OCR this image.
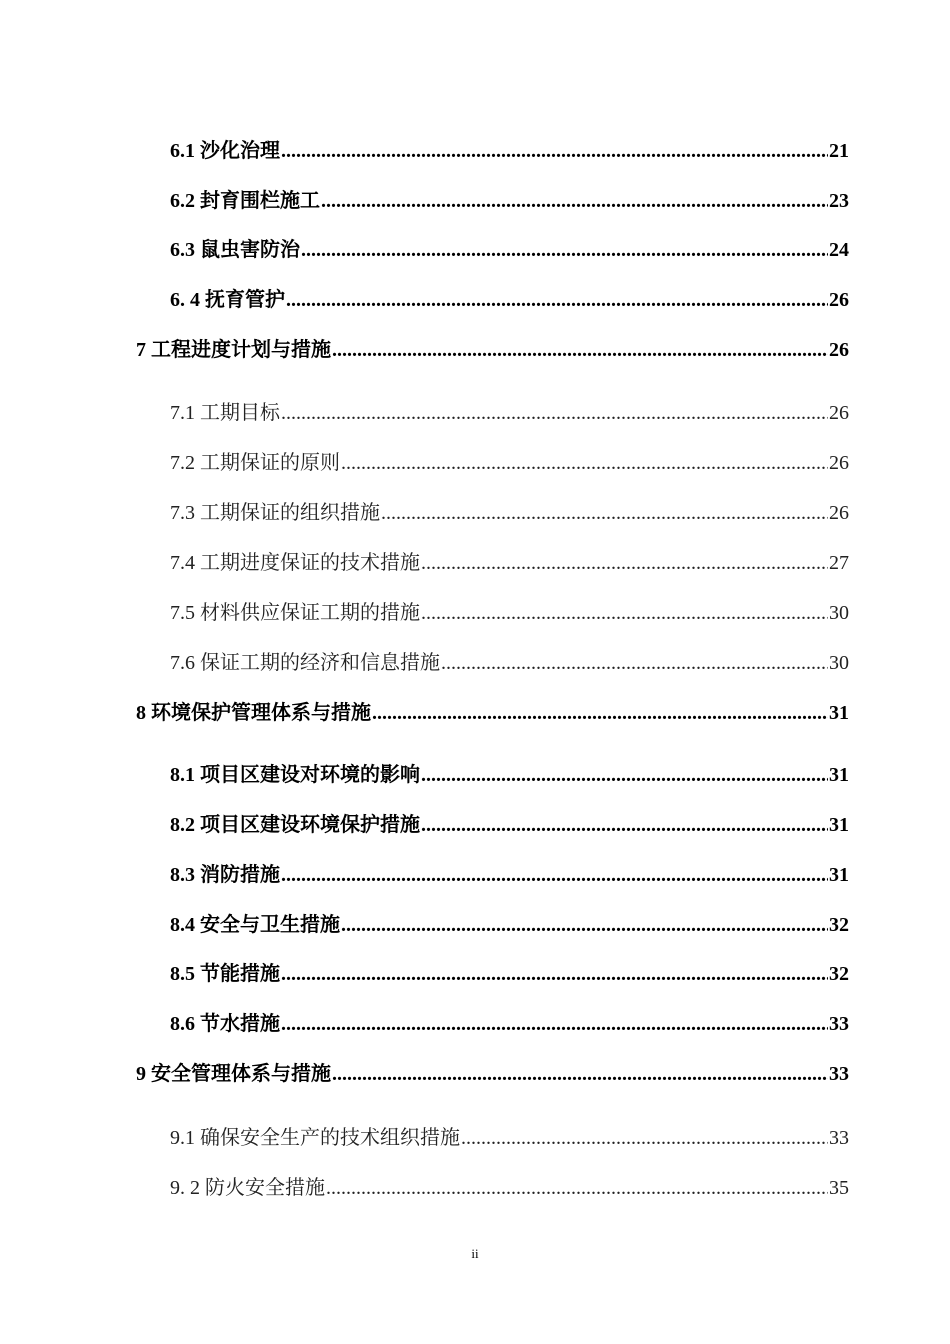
6.1 沙化治理 .....	21
6.2 封育围栏施工 .....	23
6.3 鼠虫害防治 .....	24
6. 4 抚育管护 .....	26
7 工程进度计划与措施 .....	26
7.1 工期目标 .....	26
7.2 工期保证的原则 .....	26
7.3 工期保证的组织措施 .....	26
7.4 工期进度保证的技术措施 .....	27
7.5 材料供应保证工期的措施 .....	30
7.6 保证工期的经济和信息措施 .....	30
8 环境保护管理体系与措施 .....	31
8.1 项目区建设对环境的影响 .....	31
8.2 项目区建设环境保护措施 .....	31
8.3 消防措施 .....	31
8.4 安全与卫生措施 .....	32
8.5 节能措施 .....	32
8.6 节水措施 .....	33
9 安全管理体系与措施 .....	33
9.1 确保安全生产的技术组织措施 .....	33
9. 2 防火安全措施 .....	35
ii
